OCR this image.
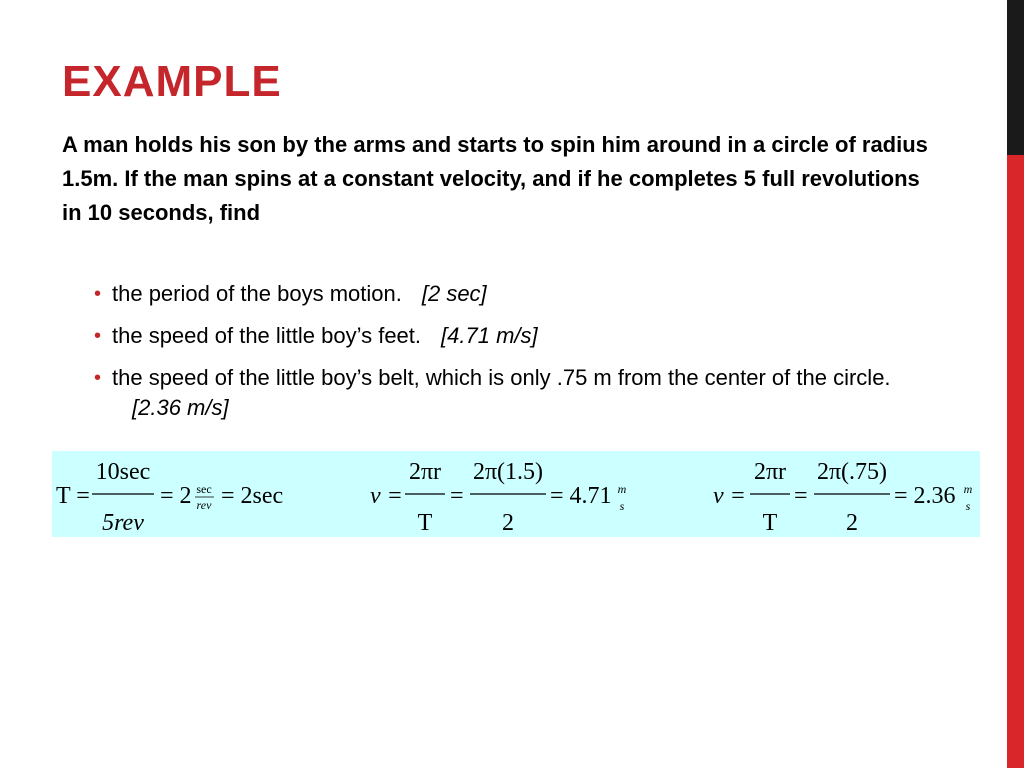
EXAMPLE

A man holds his son by the arms and starts to spin him around in a circle of radius 1.5m. If the man spins at a constant velocity, and if he completes 5 full revolutions in 10 seconds, find

• the period of the boys motion. [2 sec]
• the speed of the little boy’s feet. [4.71 m/s]
• the speed of the little boy’s belt, which is only .75 m from the center of the circle.[2.36 m/s]
T =
10sec
5rev
= 2 sec
rev = 2sec	v =
2πr
T
=
2π(1.5)
2
= 4.71 m
s	v =
2πr
T
=
2π(.75)
2
= 2.36 m
s
